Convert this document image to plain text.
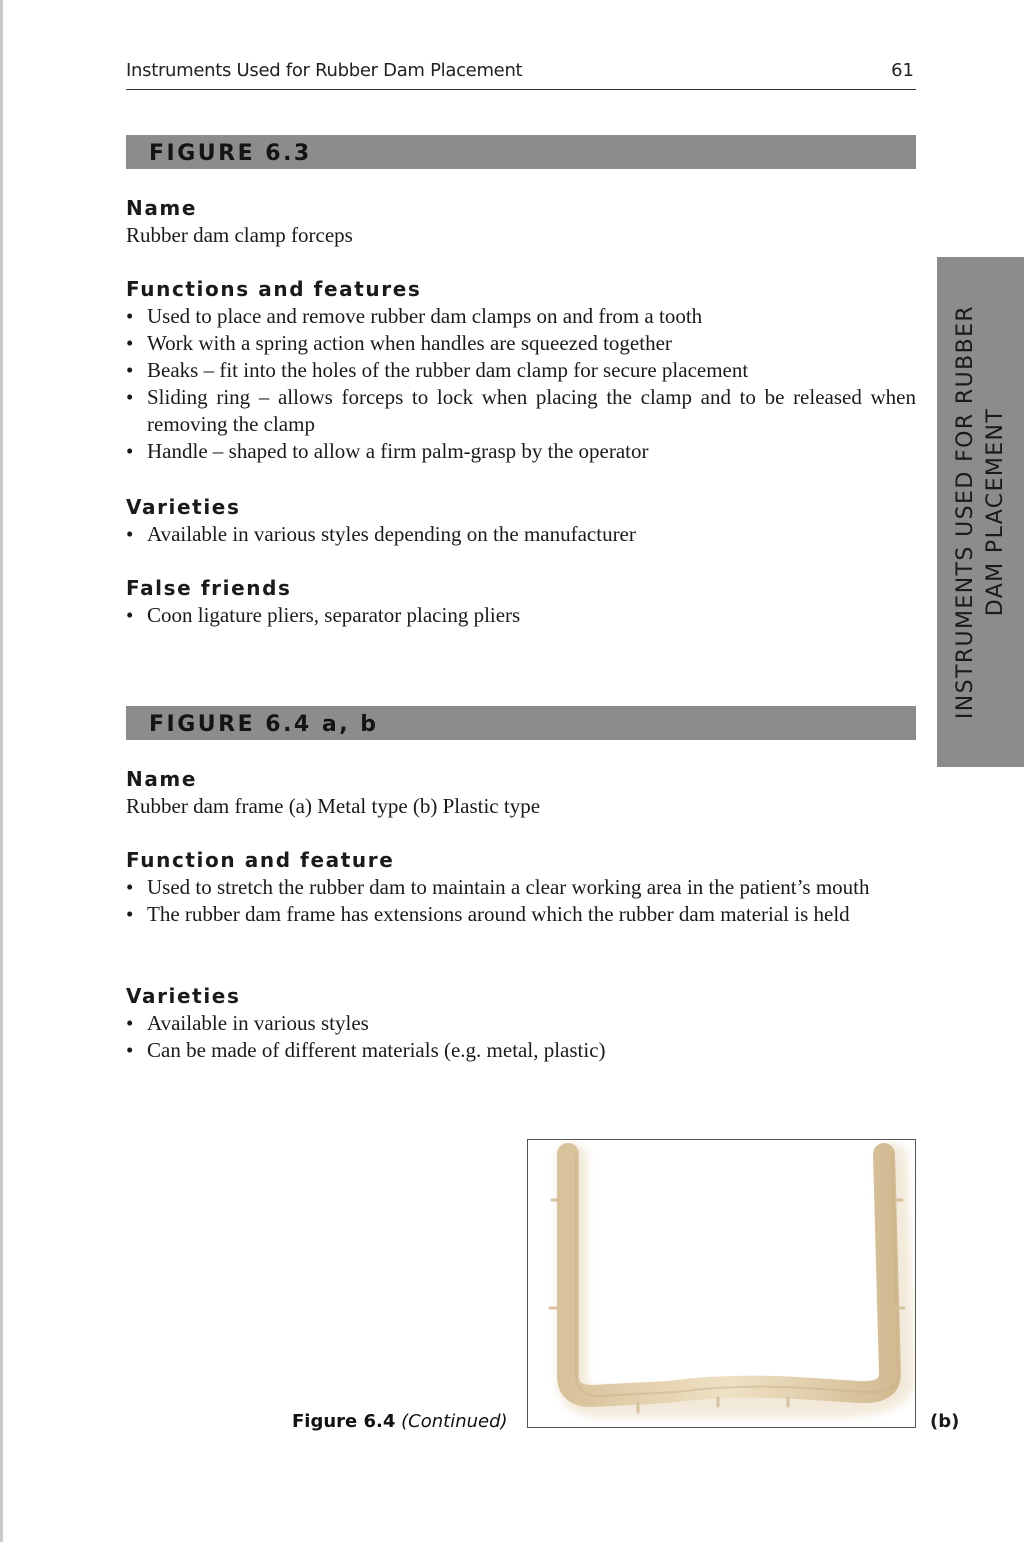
Instruments Used for Rubber Dam Placement	61
INSTRUMENTS USED FOR RUBBER DAM PLACEMENT
FIGURE 6.3
Name
Rubber dam clamp forceps
Functions and features
• Used to place and remove rubber dam clamps on and from a tooth
• Work with a spring action when handles are squeezed together
• Beaks – fit into the holes of the rubber dam clamp for secure placement
• Sliding ring – allows forceps to lock when placing the clamp and to be released when removing the clamp
• Handle – shaped to allow a firm palm-grasp by the operator
Varieties
• Available in various styles depending on the manufacturer
False friends
• Coon ligature pliers, separator placing pliers
FIGURE 6.4 a, b
Name
Rubber dam frame (a) Metal type (b) Plastic type
Function and feature
• Used to stretch the rubber dam to maintain a clear working area in the patient’s mouth
• The rubber dam frame has extensions around which the rubber dam material is held
Varieties
• Available in various styles
• Can be made of different materials (e.g. metal, plastic)
Figure 6.4 (Continued)	(b)
